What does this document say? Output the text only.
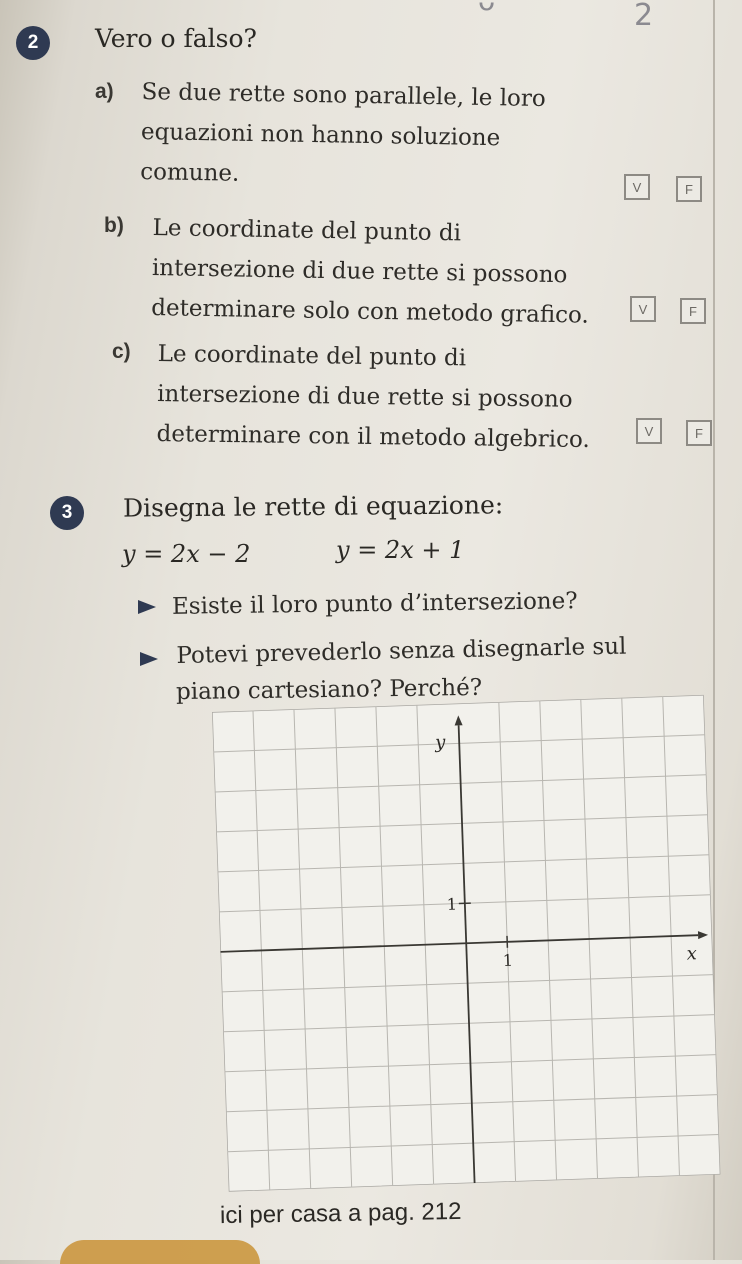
2
ᴗ
2	Vero o falso?
a) Se due rette sono parallele, le loro
equazioni non hanno soluzione
comune.
V	F
b) Le coordinate del punto di
intersezione di due rette si possono
determinare solo con metodo grafico.	V	F
c) Le coordinate del punto di
intersezione di due rette si possono
determinare con il metodo algebrico.	V	F
3	Disegna le rette di equazione:
y = 2x − 2	y = 2x + 1
Esiste il loro punto d’intersezione?
Potevi prevederlo senza disegnarle sul
piano cartesiano? Perché?
y
x
1
1
ici per casa a pag. 212
